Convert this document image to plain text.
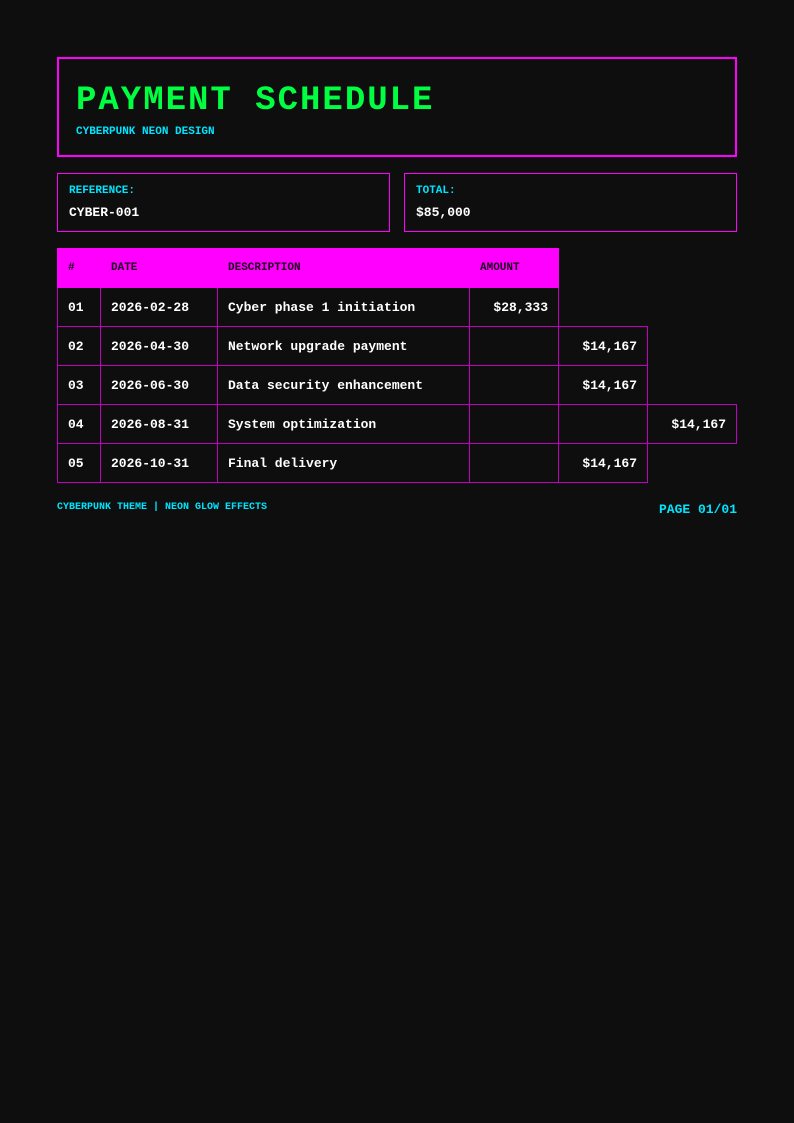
PAYMENT SCHEDULE
CYBERPUNK NEON DESIGN
REFERENCE:
CYBER-001
TOTAL:
$85,000
#	DATE	DESCRIPTION	AMOUNT		
01	2026-02-28	Cyber phase 1 initiation	$28,333		
02	2026-04-30	Network upgrade payment		$14,167	
03	2026-06-30	Data security enhancement		$14,167	
04	2026-08-31	System optimization			$14,167
05	2026-10-31	Final delivery		$14,167	
CYBERPUNK THEME | NEON GLOW EFFECTS	PAGE 01/01
